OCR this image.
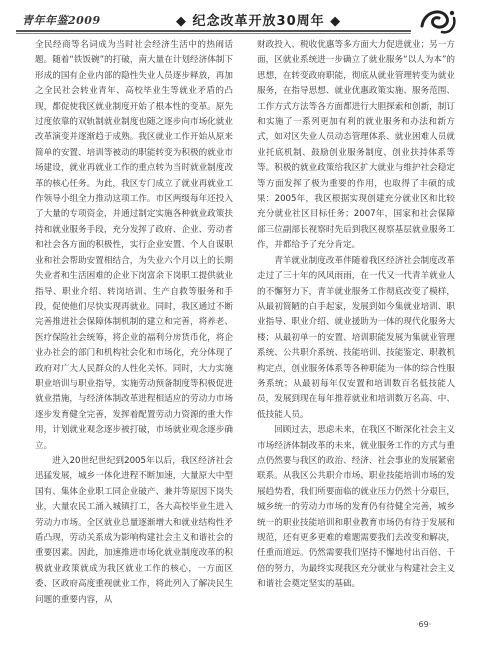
青年年鉴2009	◆ 纪念改革开放30周年 ◆

全民经商等名词成为当时社会经济生活中的热闹话题。随着“铁饭碗”的打破，南大量在计划经济体制下形成的国有企业内部的隐性失业人员逐步释放，再加之全民社会转业青年、高校毕业生等就业矛盾的凸现，都促使我区就业制度开始了根本性的变革。原先过度依靠的双轨制就业制度也随之逐步向市场化就业改革演变并逐渐趋于成熟。我区就业工作开始从原来简单的安置、培训等被动的职能转变为积极的就业市场建设，就业再就业工作的重点转为当时就业制度改革的核心任务。为此，我区专门成立了就业再就业工作领导小组全力推动这项工作。市区两级每年还投入了大量的专项资金，并通过制定实施各种就业政策扶持和就业服务手段，充分发挥了政府、企业、劳动者和社会各方面的积极性，实行企业安置、个人自谋职业和社会帮助安置相结合，为失业六个月以上的长期失业者和生活困难的企业下岗富余下岗职工提供就业指导、职业介绍、转岗培训、生产自救等服务和手段，促使他们尽快实现再就业。同时，我区通过不断完善推进社会保障体制机制的建立和完善，将养老、医疗保险社会统筹，将企业的福利分房货币化，将企业办社会的部门和机构社会化和市场化，充分体现了政府对广大人民群众的人性化关怀。同时，大力实施职业培训与职业指导，实施劳动预备制度等积极促进就业措施，与经济体制改革进程相适应的劳动力市场逐步发育健全完善，发挥着配置劳动力资源的重大作用，计划就业观念逐步被打破，市场就业观念逐步确立。

进入20世纪世纪到2005年以后，我区经济社会迅猛发展，城乡一体化进程不断加速，大量原大中型国有、集体企业职工同企业破产、兼并等原因下岗失业，大量农民工涌入城镇打工，各大高校毕业生进入劳动力市场。全区就业总量逐渐增大和就业结构性矛盾凸现，劳动关系成为影响构建社会主义和谐社会的重要因素。因此，加速推进市场化就业制度改革的积极就业政策就成为我区就业工作的核心，一方面区委、区政府高度重视就业工作，将此列入了解决民生问题的重要内容，从

财政投入、税收优惠等多方面大力促进就业；另一方面，区就业系统进一步确立了就业服务“以人为本”的思想，在转变政府职能，彻底从就业管理转变为就业服务，在指导思想、就业优惠政策实施、服务范围、工作方式方法等各方面都进行大胆探索和创新，制订和实施了一系列更加有利的就业服务和办法和新方式，如对区失业人员动态管理体系、就业困难人员就业托底机制、鼓励创业服务制度、创业扶持体系等等。积极的就业政策给我区扩大就业与维护社会稳定等方面发挥了极为重要的作用，也取得了丰硕的成果：2005年，我区根据实现创建充分就业区和比较充分就业社区目标任务；2007年，国家和社会保障部三位副部长视察时先后到我区视察基层就业服务工作，并都给予了充分肯定。

青羊就业制度改革伴随着我区经济社会制度改革走过了三十年的风风雨雨，在一代又一代青羊就业人的不懈努力下，青羊就业服务工作彻底改变了模样，从最初简陋的白手起家，发展到如今集就业培训、职业指导、职业介绍、就业援助为一体的现代化服务大楼；从最初单一的安置、培训职能发展为集就业管理系统、公共职介系统、技能培训、技能鉴定、职教机构定点，创业服务体系等各种职能为一体的综合性服务系统；从最初每年仅安置和培训数百名低技能人员，发展到现在每年推荐就业和培训数万名高、中、低技能人员。

回顾过去，思虑未来，在我区不断深化社会主义市场经济体制改革的未来，就业服务工作的方式与重点仍然要与我区的政治、经济、社会事业的发展紧密联系。从我区公共职介市场、职业技能培训市场的发展趋势看，我们所要面临的就业压力仍然十分艰巨，城乡统一的劳动力市场的发育仍有待健全完善，城乡统一的职业技能培训和职业教育市场仍有待于发展和规范，还有更多更难的难题需要我们去改变和解决，任重而道远。仍然需要我们坚持不懈地付出百倍、千倍的努力，为最终实现我区充分就业与构建社会主义和谐社会奠定坚实的基础。

·69·
